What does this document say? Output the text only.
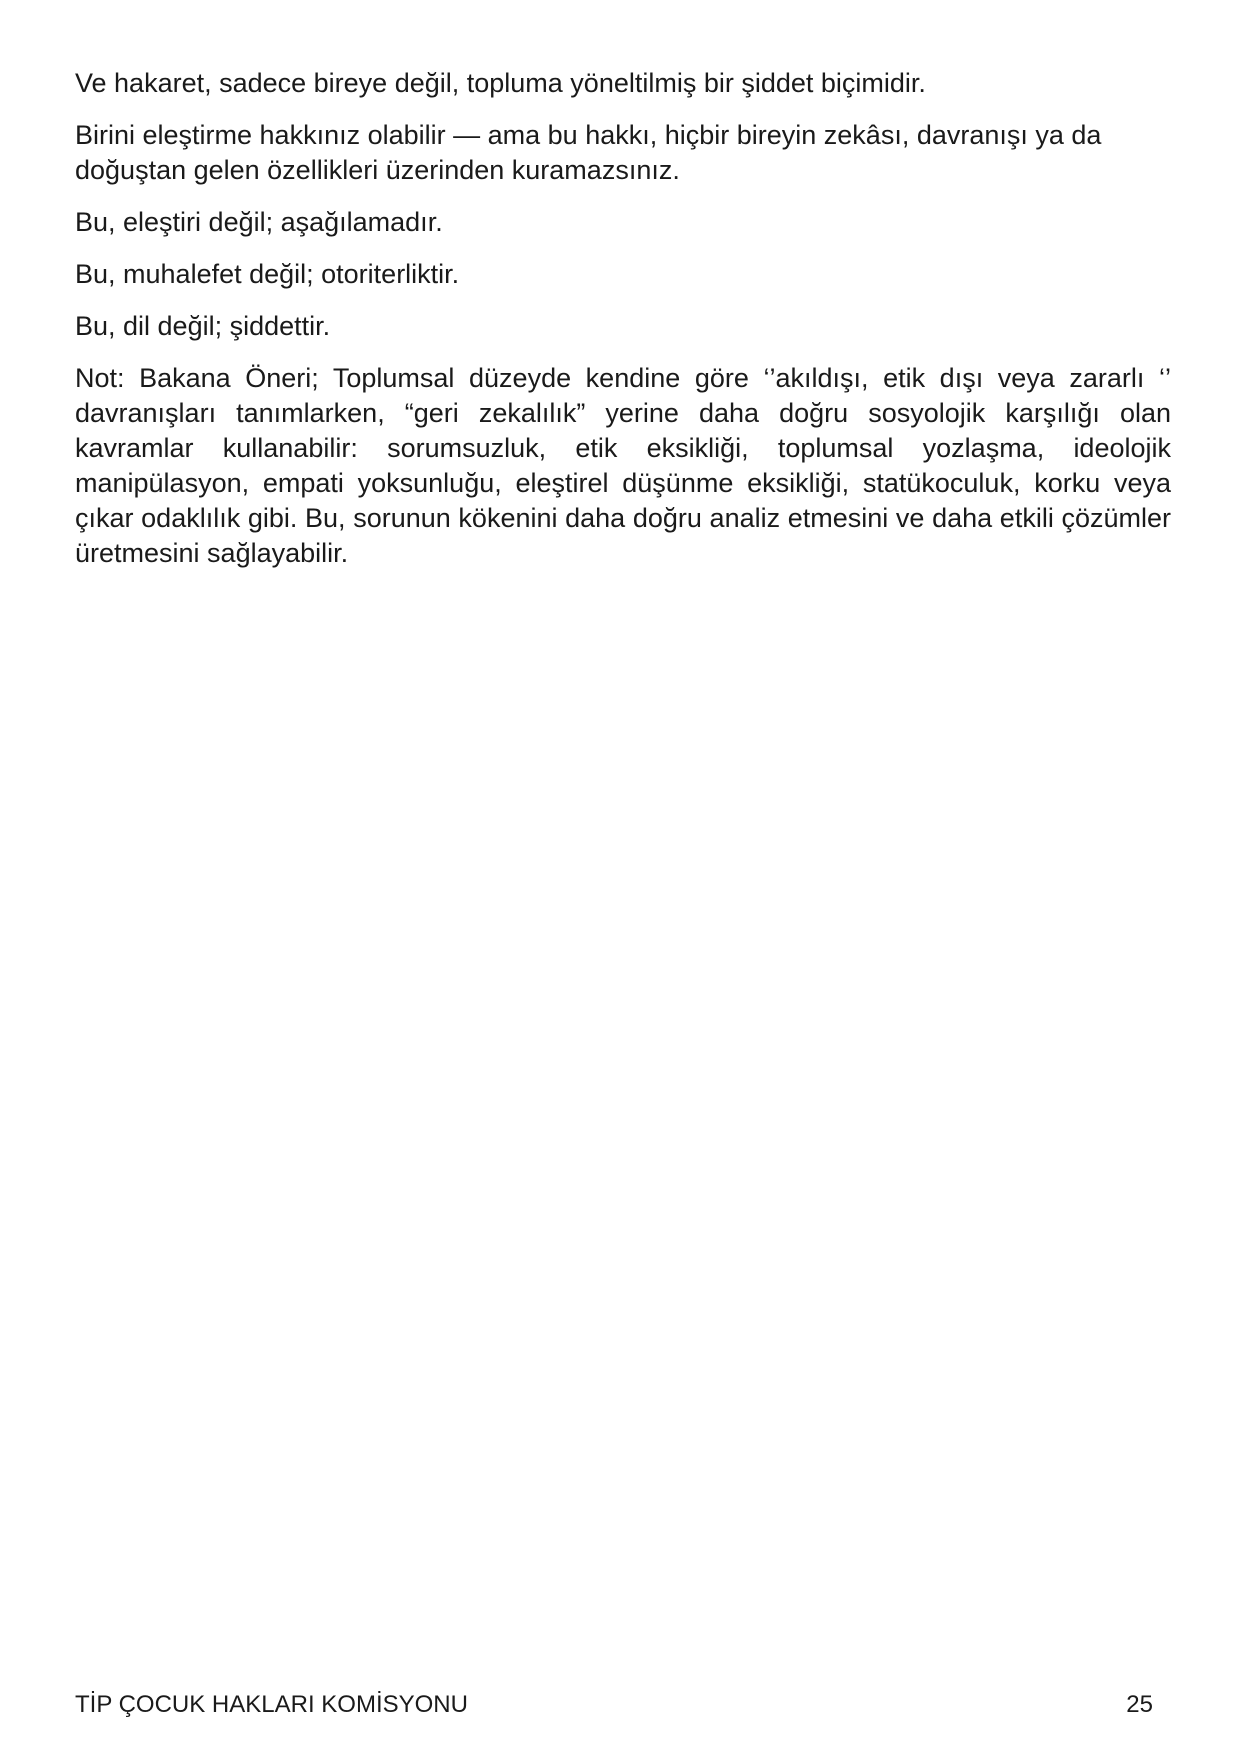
Ve hakaret, sadece bireye değil, topluma yöneltilmiş bir şiddet biçimidir.

Birini eleştirme hakkınız olabilir — ama bu hakkı, hiçbir bireyin zekâsı, davranışı ya da doğuştan gelen özellikleri üzerinden kuramazsınız.

Bu, eleştiri değil; aşağılamadır.

Bu, muhalefet değil; otoriterliktir.

Bu, dil değil; şiddettir.

Not: Bakana Öneri; Toplumsal düzeyde kendine göre ‘’akıldışı, etik dışı veya zararlı ‘’ davranışları tanımlarken, “geri zekalılık” yerine daha doğru sosyolojik karşılığı olan kavramlar kullanabilir: sorumsuzluk, etik eksikliği, toplumsal yozlaşma, ideolojik manipülasyon, empati yoksunluğu, eleştirel düşünme eksikliği, statükoculuk, korku veya çıkar odaklılık gibi. Bu, sorunun kökenini daha doğru analiz etmesini ve daha etkili çözümler üretmesini sağlayabilir.

TİP ÇOCUK HAKLARI KOMİSYONU	25
